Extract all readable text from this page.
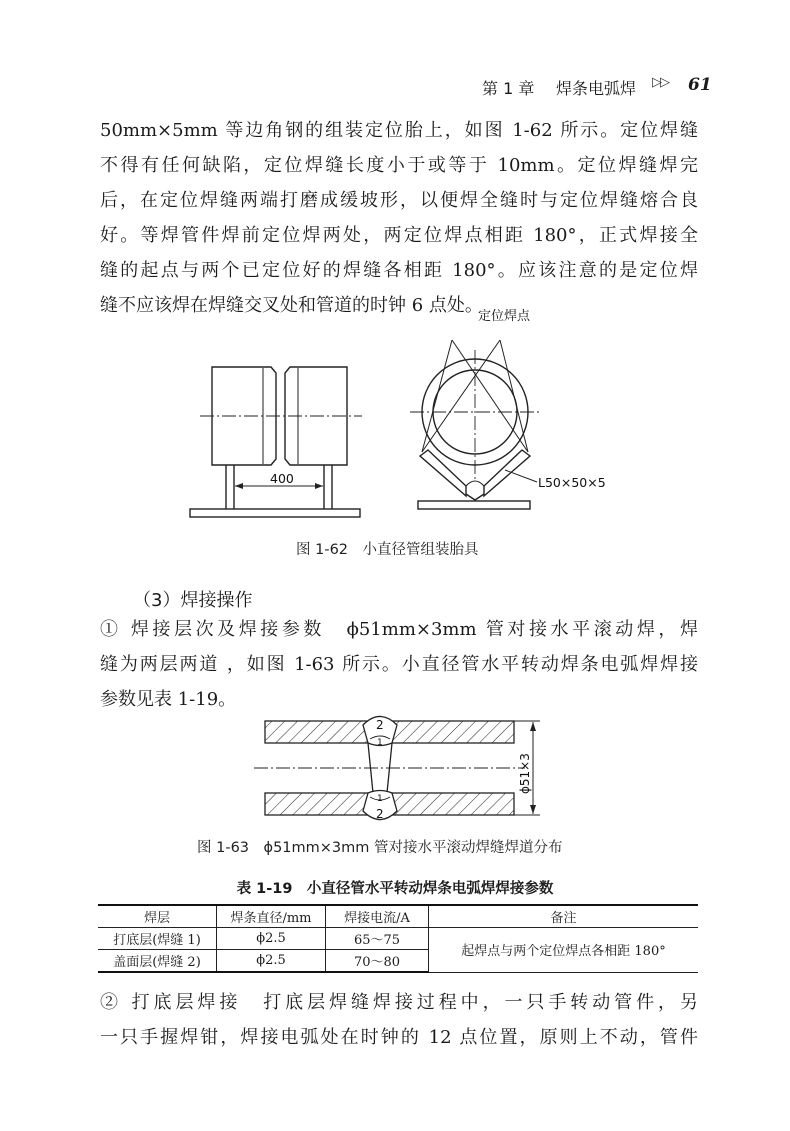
第 1 章 焊条电弧焊 ▷▷ 61
50mm×5mm 等边角钢的组装定位胎上，如图 1-62 所示。定位焊缝
不得有任何缺陷，定位焊缝长度小于或等于 10mm。定位焊缝焊完
后，在定位焊缝两端打磨成缓坡形，以便焊全缝时与定位焊缝熔合良
好。等焊管件焊前定位焊两处，两定位焊点相距 180°，正式焊接全
缝的起点与两个已定位好的焊缝各相距 180°。应该注意的是定位焊
缝不应该焊在焊缝交叉处和管道的时钟 6 点处。
定位焊点
400	L50×50×5
图 1-62　小直径管组装胎具
（3）焊接操作
① 焊接层次及焊接参数　ϕ51mm×3mm 管对接水平滚动焊，焊
缝为两层两道 ，如图 1-63 所示。小直径管水平转动焊条电弧焊焊接
参数见表 1-19。
2
1
1
2
ϕ51×3
图 1-63　ϕ51mm×3mm 管对接水平滚动焊缝焊道分布
表 1-19　小直径管水平转动焊条电弧焊焊接参数
焊层	焊条直径/mm	焊接电流/A	备注
打底层(焊缝 1)	ϕ2.5	65～75	起焊点与两个定位焊点各相距 180°
盖面层(焊缝 2)	ϕ2.5	70～80	
② 打底层焊接　打底层焊缝焊接过程中，一只手转动管件，另
一只手握焊钳，焊接电弧处在时钟的 12 点位置，原则上不动，管件
